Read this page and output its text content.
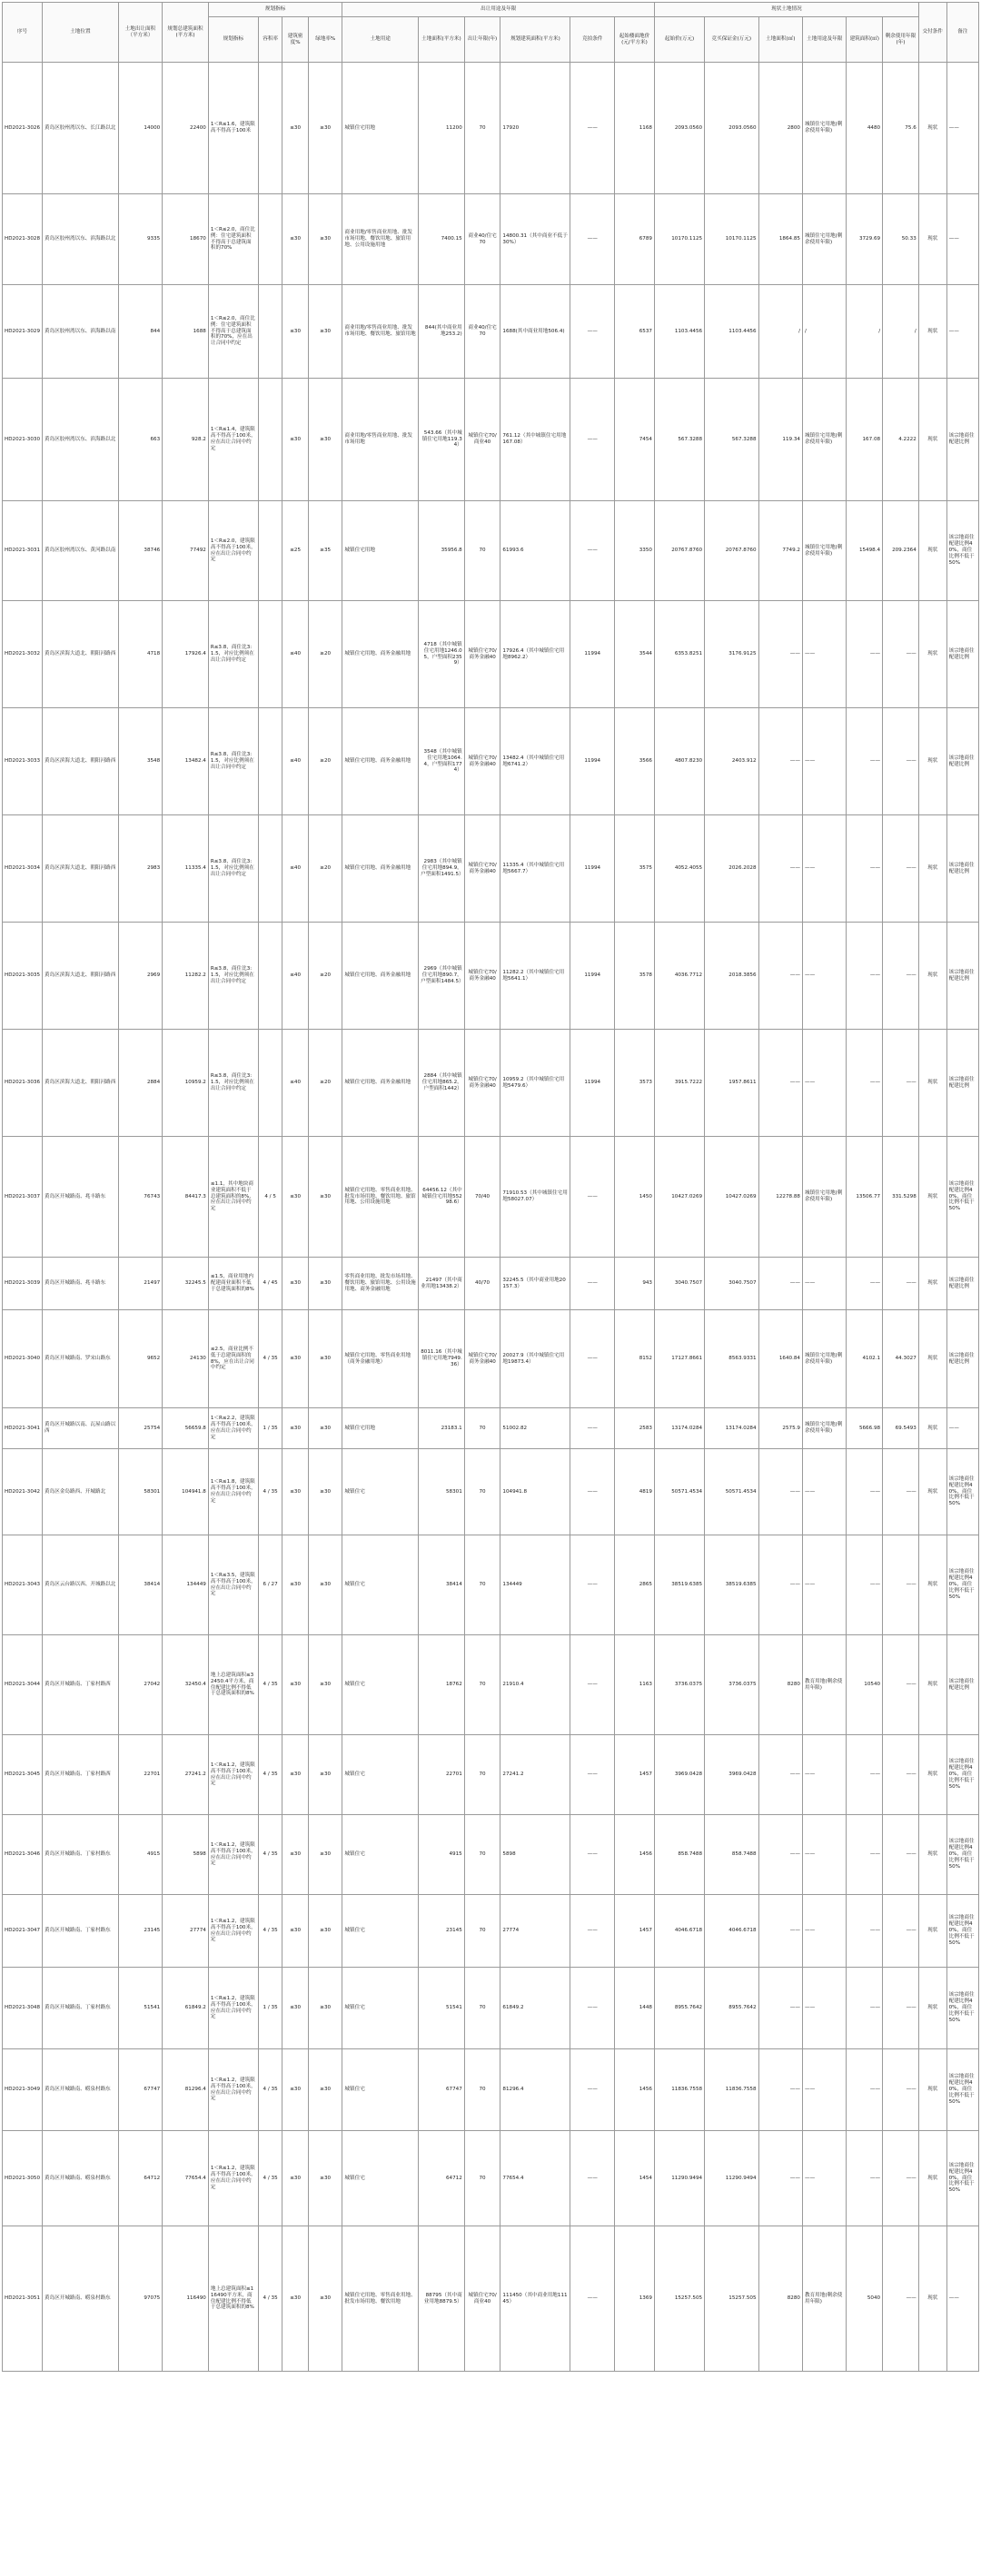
序号	土地位置	土地出让面积（平方米）	规划总建筑面积(平方米)	规划指标				出让用途及年限						现状土地情况						交付条件	备注
				规划指标	容积率	建筑密度%	绿地率%	土地用途	土地面积(平方米)	出让年限(年)	规划建筑面积(平方米)	竞拍条件	起始楼面地价(元/平方米)	起始价(万元)	竞买保证金(万元)	土地面积(㎡)	土地用途及年限	建筑面积(㎡)	剩余使用年限(年)		
HD2021-3026	黄岛区胶州湾以东、长江路以北	14000	22400	1＜R≤1.6，建筑限高不得高于100米		≤30	≥30	城镇住宅用地	11200	70	17920	——	1168	2093.0560	2093.0560	2800	城镇住宅用地(剩余使用年限)	4480	75.6	现状	——
HD2021-3028	黄岛区胶州湾以东、滨海路以北	9335	18670	1＜R≤2.0，商住比例：住宅建筑面积不得高于总建筑面积的70%		≤30	≥30	商业用地/零售商业用地、批发市场用地、餐饮用地、旅馆用地、公用设施用地	7400.15	商业40/住宅70	14800.31（其中商业不低于30%）	——	6789	10170.1125	10170.1125	1864.85	城镇住宅用地(剩余使用年限)	3729.69	50.33	现状	——
HD2021-3029	黄岛区胶州湾以东、滨海路以南	844	1688	1＜R≤2.0，商住比例：住宅建筑面积不得高于总建筑面积的70%，应在出让合同中约定		≤30	≥30	商业用地/零售商业用地、批发市场用地、餐饮用地、旅馆用地	844(其中商业用地253.2)	商业40/住宅70	1688(其中商业用地506.4)	——	6537	1103.4456	1103.4456	/	/	/	/	现状	——
HD2021-3030	黄岛区胶州湾以东、滨海路以北	663	928.2	1＜R≤1.4，建筑限高不得高于100米，应在出让合同中约定		≤30	≥30	商业用地/零售商业用地、批发市场用地	543.66（其中城镇住宅用地119.34）	城镇住宅70/商业40	761.12（其中城镇住宅用地167.08）	——	7454	567.3288	567.3288	119.34	城镇住宅用地(剩余使用年限)	167.08	4.2222	现状	该宗地商住配建比例
HD2021-3031	黄岛区胶州湾以东、黄河路以南	38746	77492	1＜R≤2.0，建筑限高不得高于100米，应在出让合同中约定		≤25	≥35	城镇住宅用地	35956.8	70	61993.6	——	3350	20767.8760	20767.8760	7749.2	城镇住宅用地(剩余使用年限)	15498.4	209.2364	现状	该宗地商住配建比例40%，商住比例不低于50%
HD2021-3032	黄岛区滨海大道北、朝阳河路西	4718	17926.4	R≤3.8，商住比3:1.5，对应比例须在出让合同中约定		≤40	≥20	城镇住宅用地、商务金融用地	4718（其中城镇住宅用地1246.05，户型面积2359）	城镇住宅70/商务金融40	17926.4（其中城镇住宅用地8962.2）	11994	3544	6353.8251	3176.9125	——	——	——	——	现状	该宗地商住配建比例
HD2021-3033	黄岛区滨海大道北、朝阳河路西	3548	13482.4	R≤3.8，商住比3:1.5，对应比例须在出让合同中约定		≤40	≥20	城镇住宅用地、商务金融用地	3548（其中城镇住宅用地1064.4，户型面积1774）	城镇住宅70/商务金融40	13482.4（其中城镇住宅用地6741.2）	11994	3566	4807.8230	2403.912	——	——	——	——	现状	该宗地商住配建比例
HD2021-3034	黄岛区滨海大道北、朝阳河路西	2983	11335.4	R≤3.8，商住比3:1.5，对应比例须在出让合同中约定		≤40	≥20	城镇住宅用地、商务金融用地	2983（其中城镇住宅用地894.9，户型面积1491.5）	城镇住宅70/商务金融40	11335.4（其中城镇住宅用地5667.7）	11994	3575	4052.4055	2026.2028	——	——	——	——	现状	该宗地商住配建比例
HD2021-3035	黄岛区滨海大道北、朝阳河路西	2969	11282.2	R≤3.8，商住比3:1.5，对应比例须在出让合同中约定		≤40	≥20	城镇住宅用地、商务金融用地	2969（其中城镇住宅用地890.7，户型面积1484.5）	城镇住宅70/商务金融40	11282.2（其中城镇住宅用地5641.1）	11994	3578	4036.7712	2018.3856	——	——	——	——	现状	该宗地商住配建比例
HD2021-3036	黄岛区滨海大道北、朝阳河路西	2884	10959.2	R≤3.8，商住比3:1.5，对应比例须在出让合同中约定		≤40	≥20	城镇住宅用地、商务金融用地	2884（其中城镇住宅用地865.2，户型面积1442）	城镇住宅70/商务金融40	10959.2（其中城镇住宅用地5479.6）	11994	3573	3915.7222	1957.8611	——	——	——	——	现状	该宗地商住配建比例
HD2021-3037	黄岛区开城路南、兆丰路东	76743	84417.3	≤1.1，其中地块商业建筑面积不低于总建筑面积的8%，应在出让合同中约定	4 / 5	≤30	≥30	城镇住宅用地、零售商业用地、批发市场用地、餐饮用地、旅馆用地、公用设施用地	64456.12（其中城镇住宅用地55298.6）	70/40	71910.53（其中城镇住宅用地58027.07）	——	1450	10427.0269	10427.0269	12278.88	城镇住宅用地(剩余使用年限)	13506.77	331.5298	现状	该宗地商住配建比例40%，商住比例不低于50%
HD2021-3039	黄岛区开城路南、兆丰路东	21497	32245.5	≤1.5，商业用地内配建商业面积不低于总建筑面积的8%	4 / 45	≤30	≥30	零售商业用地、批发市场用地、餐饮用地、旅馆用地、公用设施用地、商务金融用地	21497（其中商业用地13438.2）	40/70	32245.5（其中商业用地20157.3）	——	943	3040.7507	3040.7507	——	——	——	——	现状	该宗地商住配建比例
HD2021-3040	黄岛区开城路南、罗宋山路东	9652	24130	≤2.5，商业比例不低于总建筑面积的8%，应在出让合同中约定	4 / 35	≤30	≥30	城镇住宅用地、零售商业用地（商务金融用地）	8011.16（其中城镇住宅用地7949.36）	城镇住宅70/商务金融40	20027.9（其中城镇住宅用地19873.4）	——	8152	17127.8661	8563.9331	1640.84	城镇住宅用地(剩余使用年限)	4102.1	44.3027	现状	该宗地商住配建比例
HD2021-3041	黄岛区开城路以南、瓦屋山路以西	25754	56659.8	1＜R≤2.2，建筑限高不得高于100米，应在出让合同中约定	1 / 35	≤30	≥30	城镇住宅用地	23183.1	70	51002.82	——	2583	13174.0284	13174.0284	2575.9	城镇住宅用地(剩余使用年限)	5666.98	69.5493	现状	——
HD2021-3042	黄岛区金岛路西、开城路北	58301	104941.8	1＜R≤1.8，建筑限高不得高于100米，应在出让合同中约定	4 / 35	≤30	≥30	城镇住宅	58301	70	104941.8	——	4819	50571.4534	50571.4534	——	——	——	——	现状	该宗地商住配建比例40%，商住比例不低于50%
HD2021-3043	黄岛区云台路以西、开城路以北	38414	134449	1＜R≤3.5，建筑限高不得高于100米，应在出让合同中约定	6 / 27	≤30	≥30	城镇住宅	38414	70	134449	——	2865	38519.6385	38519.6385	——	——	——	——	现状	该宗地商住配建比例40%，商住比例不低于50%
HD2021-3044	黄岛区开城路南、丁家村路西	27042	32450.4	地上总建筑面积≤32450.4平方米，商住配建比例不得低于总建筑面积的8%	4 / 35	≤30	≥30	城镇住宅	18762	70	21910.4	——	1163	3736.0375	3736.0375	8280	教育用地(剩余使用年限)	10540	——	现状	该宗地商住配建比例
HD2021-3045	黄岛区开城路南、丁家村路西	22701	27241.2	1＜R≤1.2，建筑限高不得高于100米，应在出让合同中约定	4 / 35	≤30	≥30	城镇住宅	22701	70	27241.2	——	1457	3969.0428	3969.0428	——	——	——	——	现状	该宗地商住配建比例40%，商住比例不低于50%
HD2021-3046	黄岛区开城路南、丁家村路东	4915	5898	1＜R≤1.2，建筑限高不得高于100米，应在出让合同中约定	4 / 35	≤30	≥30	城镇住宅	4915	70	5898	——	1456	858.7488	858.7488	——	——	——	——	现状	该宗地商住配建比例40%，商住比例不低于50%
HD2021-3047	黄岛区开城路南、丁家村路东	23145	27774	1＜R≤1.2，建筑限高不得高于100米，应在出让合同中约定	4 / 35	≤30	≥30	城镇住宅	23145	70	27774	——	1457	4046.6718	4046.6718	——	——	——	——	现状	该宗地商住配建比例40%，商住比例不低于50%
HD2021-3048	黄岛区开城路南、丁家村路东	51541	61849.2	1＜R≤1.2，建筑限高不得高于100米，应在出让合同中约定	1 / 35	≤30	≥30	城镇住宅	51541	70	61849.2	——	1448	8955.7642	8955.7642	——	——	——	——	现状	该宗地商住配建比例40%，商住比例不低于50%
HD2021-3049	黄岛区开城路南、崂泉村路东	67747	81296.4	1＜R≤1.2，建筑限高不得高于100米，应在出让合同中约定	4 / 35	≤30	≥30	城镇住宅	67747	70	81296.4	——	1456	11836.7558	11836.7558	——	——	——	——	现状	该宗地商住配建比例40%，商住比例不低于50%
HD2021-3050	黄岛区开城路南、崂泉村路东	64712	77654.4	1＜R≤1.2，建筑限高不得高于100米，应在出让合同中约定	4 / 35	≤30	≥30	城镇住宅	64712	70	77654.4	——	1454	11290.9494	11290.9494	——	——	——	——	现状	该宗地商住配建比例40%，商住比例不低于50%
HD2021-3051	黄岛区开城路南、崂泉村路东	97075	116490	地上总建筑面积≤116490平方米，商住配建比例不得低于总建筑面积的8%	4 / 35	≤30	≥30	城镇住宅用地、零售商业用地、批发市场用地、餐饮用地	88795（其中商业用地8879.5）	城镇住宅70/商业40	111450（其中商业用地11145）	——	1369	15257.505	15257.505	8280	教育用地(剩余使用年限)	5040	——	现状	——
